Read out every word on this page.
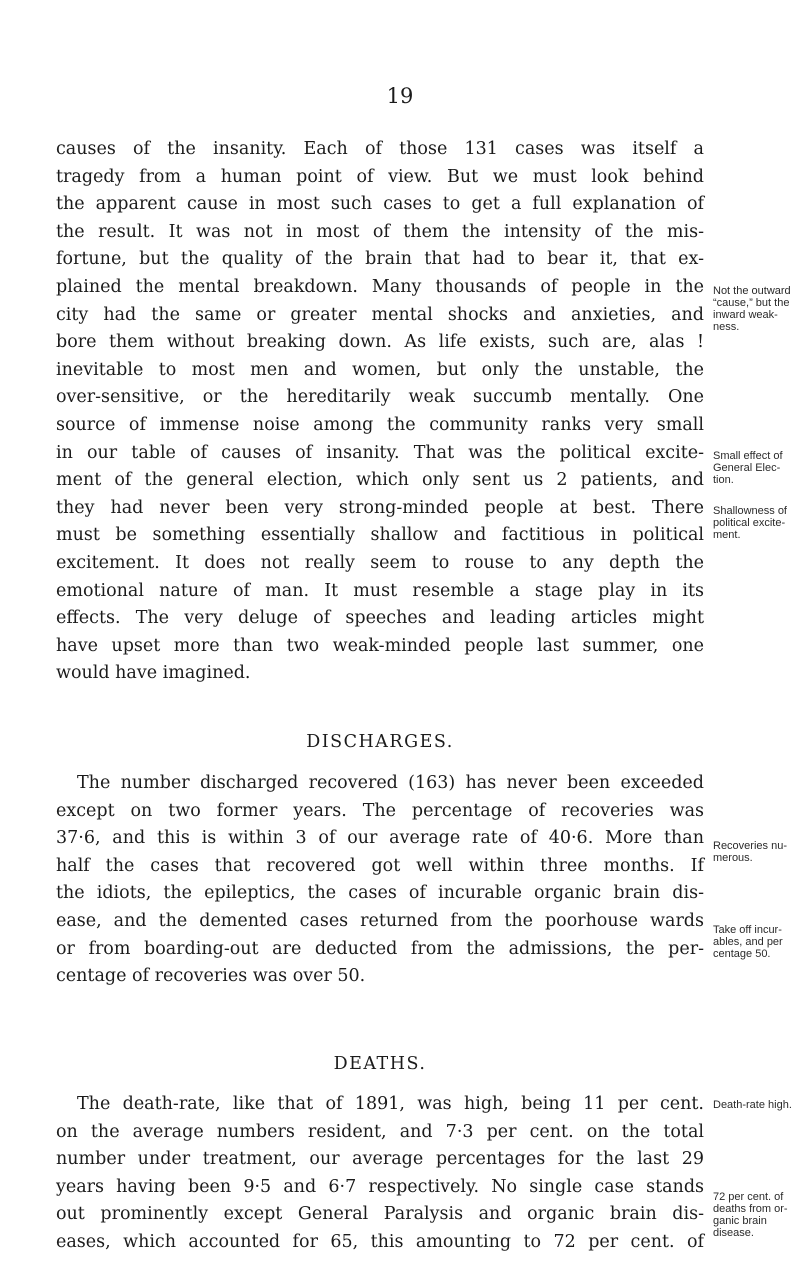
19
causes of the insanity. Each of those 131 cases was itself a
tragedy from a human point of view. But we must look behind
the apparent cause in most such cases to get a full explanation of
the result. It was not in most of them the intensity of the mis-
fortune, but the quality of the brain that had to bear it, that ex-
plained the mental breakdown. Many thousands of people in the
city had the same or greater mental shocks and anxieties, and
bore them without breaking down. As life exists, such are, alas !
inevitable to most men and women, but only the unstable, the
over-sensitive, or the hereditarily weak succumb mentally. One
source of immense noise among the community ranks very small
in our table of causes of insanity. That was the political excite-
ment of the general election, which only sent us 2 patients, and
they had never been very strong-minded people at best. There
must be something essentially shallow and factitious in political
excitement. It does not really seem to rouse to any depth the
emotional nature of man. It must resemble a stage play in its
effects. The very deluge of speeches and leading articles might
have upset more than two weak-minded people last summer, one
would have imagined.
DISCHARGES.
The number discharged recovered (163) has never been exceeded
except on two former years. The percentage of recoveries was
37·6, and this is within 3 of our average rate of 40·6. More than
half the cases that recovered got well within three months. If
the idiots, the epileptics, the cases of incurable organic brain dis-
ease, and the demented cases returned from the poorhouse wards
or from boarding-out are deducted from the admissions, the per-
centage of recoveries was over 50.
DEATHS.
The death-rate, like that of 1891, was high, being 11 per cent.
on the average numbers resident, and 7·3 per cent. on the total
number under treatment, our average percentages for the last 29
years having been 9·5 and 6·7 respectively. No single case stands
out prominently except General Paralysis and organic brain dis-
eases, which accounted for 65, this amounting to 72 per cent. of
Not the outward
“cause,” but the
inward weak-
ness.
Small effect of
General Elec-
tion.
Shallowness of
political excite-
ment.
Recoveries nu-
merous.
Take off incur-
ables, and per
centage 50.
Death-rate high.
72 per cent. of
deaths from or-
ganic brain
disease.
